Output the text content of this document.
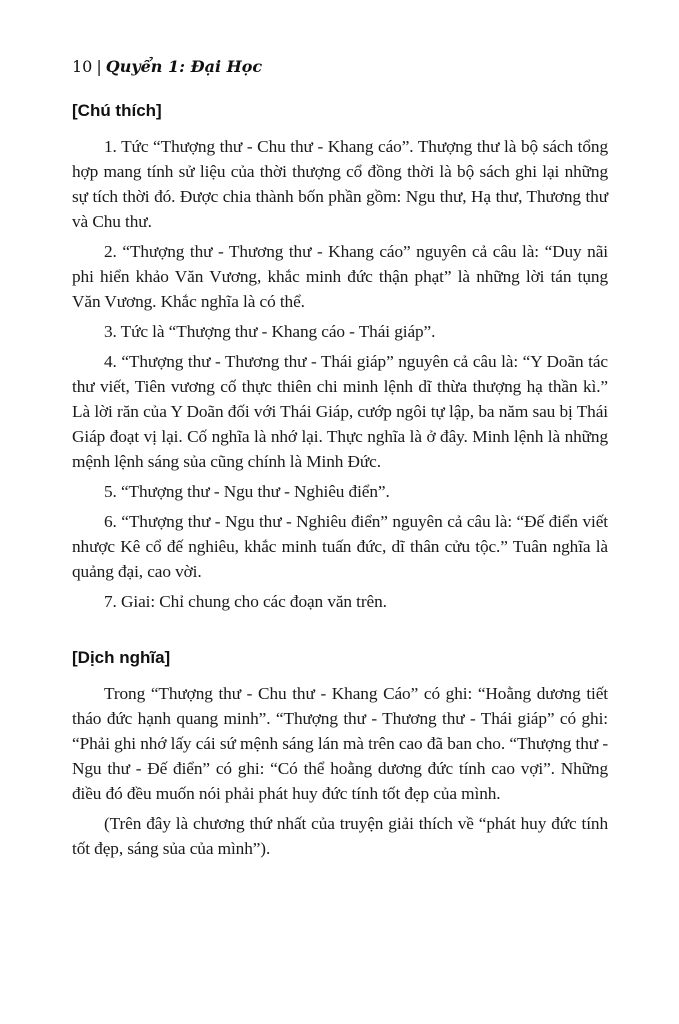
10 | Quyển 1: Đại Học
[Chú thích]

1. Tức “Thượng thư - Chu thư - Khang cáo”. Thượng thư là bộ sách tổng hợp mang tính sử liệu của thời thượng cổ đồng thời là bộ sách ghi lại những sự tích thời đó. Được chia thành bốn phần gồm: Ngu thư, Hạ thư, Thương thư và Chu thư.

2. “Thượng thư - Thương thư - Khang cáo” nguyên cả câu là: “Duy nãi phi hiển khảo Văn Vương, khắc minh đức thận phạt” là những lời tán tụng Văn Vương. Khắc nghĩa là có thể.

3. Tức là “Thượng thư - Khang cáo - Thái giáp”.

4. “Thượng thư - Thương thư - Thái giáp” nguyên cả câu là: “Y Doãn tác thư viết, Tiên vương cố thực thiên chi minh lệnh dĩ thừa thượng hạ thần kì.” Là lời răn của Y Doãn đối với Thái Giáp, cướp ngôi tự lập, ba năm sau bị Thái Giáp đoạt vị lại. Cố nghĩa là nhớ lại. Thực nghĩa là ở đây. Minh lệnh là những mệnh lệnh sáng sủa cũng chính là Minh Đức.

5. “Thượng thư - Ngu thư - Nghiêu điển”.

6. “Thượng thư - Ngu thư - Nghiêu điển” nguyên cả câu là: “Đế điển viết nhược Kê cổ đế nghiêu, khắc minh tuấn đức, dĩ thân cửu tộc.” Tuân nghĩa là quảng đại, cao vời.

7. Giai: Chỉ chung cho các đoạn văn trên.

[Dịch nghĩa]

Trong “Thượng thư - Chu thư - Khang Cáo” có ghi: “Hoằng dương tiết tháo đức hạnh quang minh”. “Thượng thư - Thương thư - Thái giáp” có ghi: “Phải ghi nhớ lấy cái sứ mệnh sáng lán mà trên cao đã ban cho. “Thượng thư - Ngu thư - Đế điển” có ghi: “Có thể hoằng dương đức tính cao vợi”. Những điều đó đều muốn nói phải phát huy đức tính tốt đẹp của mình.

(Trên đây là chương thứ nhất của truyện giải thích về “phát huy đức tính tốt đẹp, sáng sủa của mình”).
